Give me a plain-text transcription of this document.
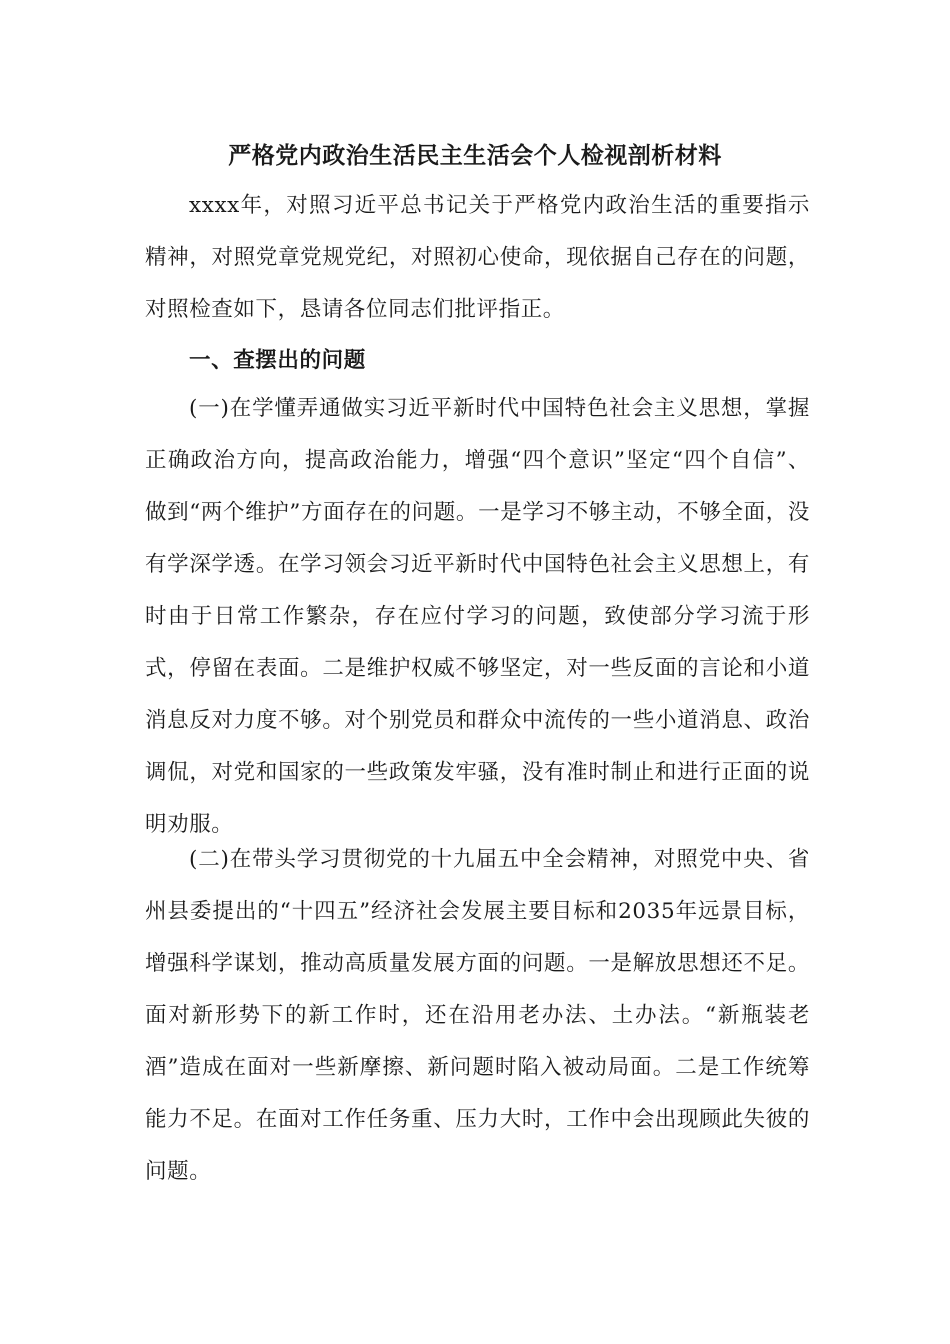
严格党内政治生活民主生活会个人检视剖析材料

xxxx年，对照习近平总书记关于严格党内政治生活的重要指示精神，对照党章党规党纪，对照初心使命，现依据自己存在的问题，对照检查如下，恳请各位同志们批评指正。

一、查摆出的问题

(一)在学懂弄通做实习近平新时代中国特色社会主义思想，掌握正确政治方向，提高政治能力，增强“四个意识”坚定“四个自信”、做到“两个维护”方面存在的问题。一是学习不够主动，不够全面，没有学深学透。在学习领会习近平新时代中国特色社会主义思想上，有时由于日常工作繁杂，存在应付学习的问题，致使部分学习流于形式，停留在表面。二是维护权威不够坚定，对一些反面的言论和小道消息反对力度不够。对个别党员和群众中流传的一些小道消息、政治调侃，对党和国家的一些政策发牢骚，没有准时制止和进行正面的说明劝服。

(二)在带头学习贯彻党的十九届五中全会精神，对照党中央、省州县委提出的“十四五”经济社会发展主要目标和2035年远景目标，增强科学谋划，推动高质量发展方面的问题。一是解放思想还不足。面对新形势下的新工作时，还在沿用老办法、土办法。“新瓶装老酒”造成在面对一些新摩擦、新问题时陷入被动局面。二是工作统筹能力不足。在面对工作任务重、压力大时，工作中会出现顾此失彼的问题。
